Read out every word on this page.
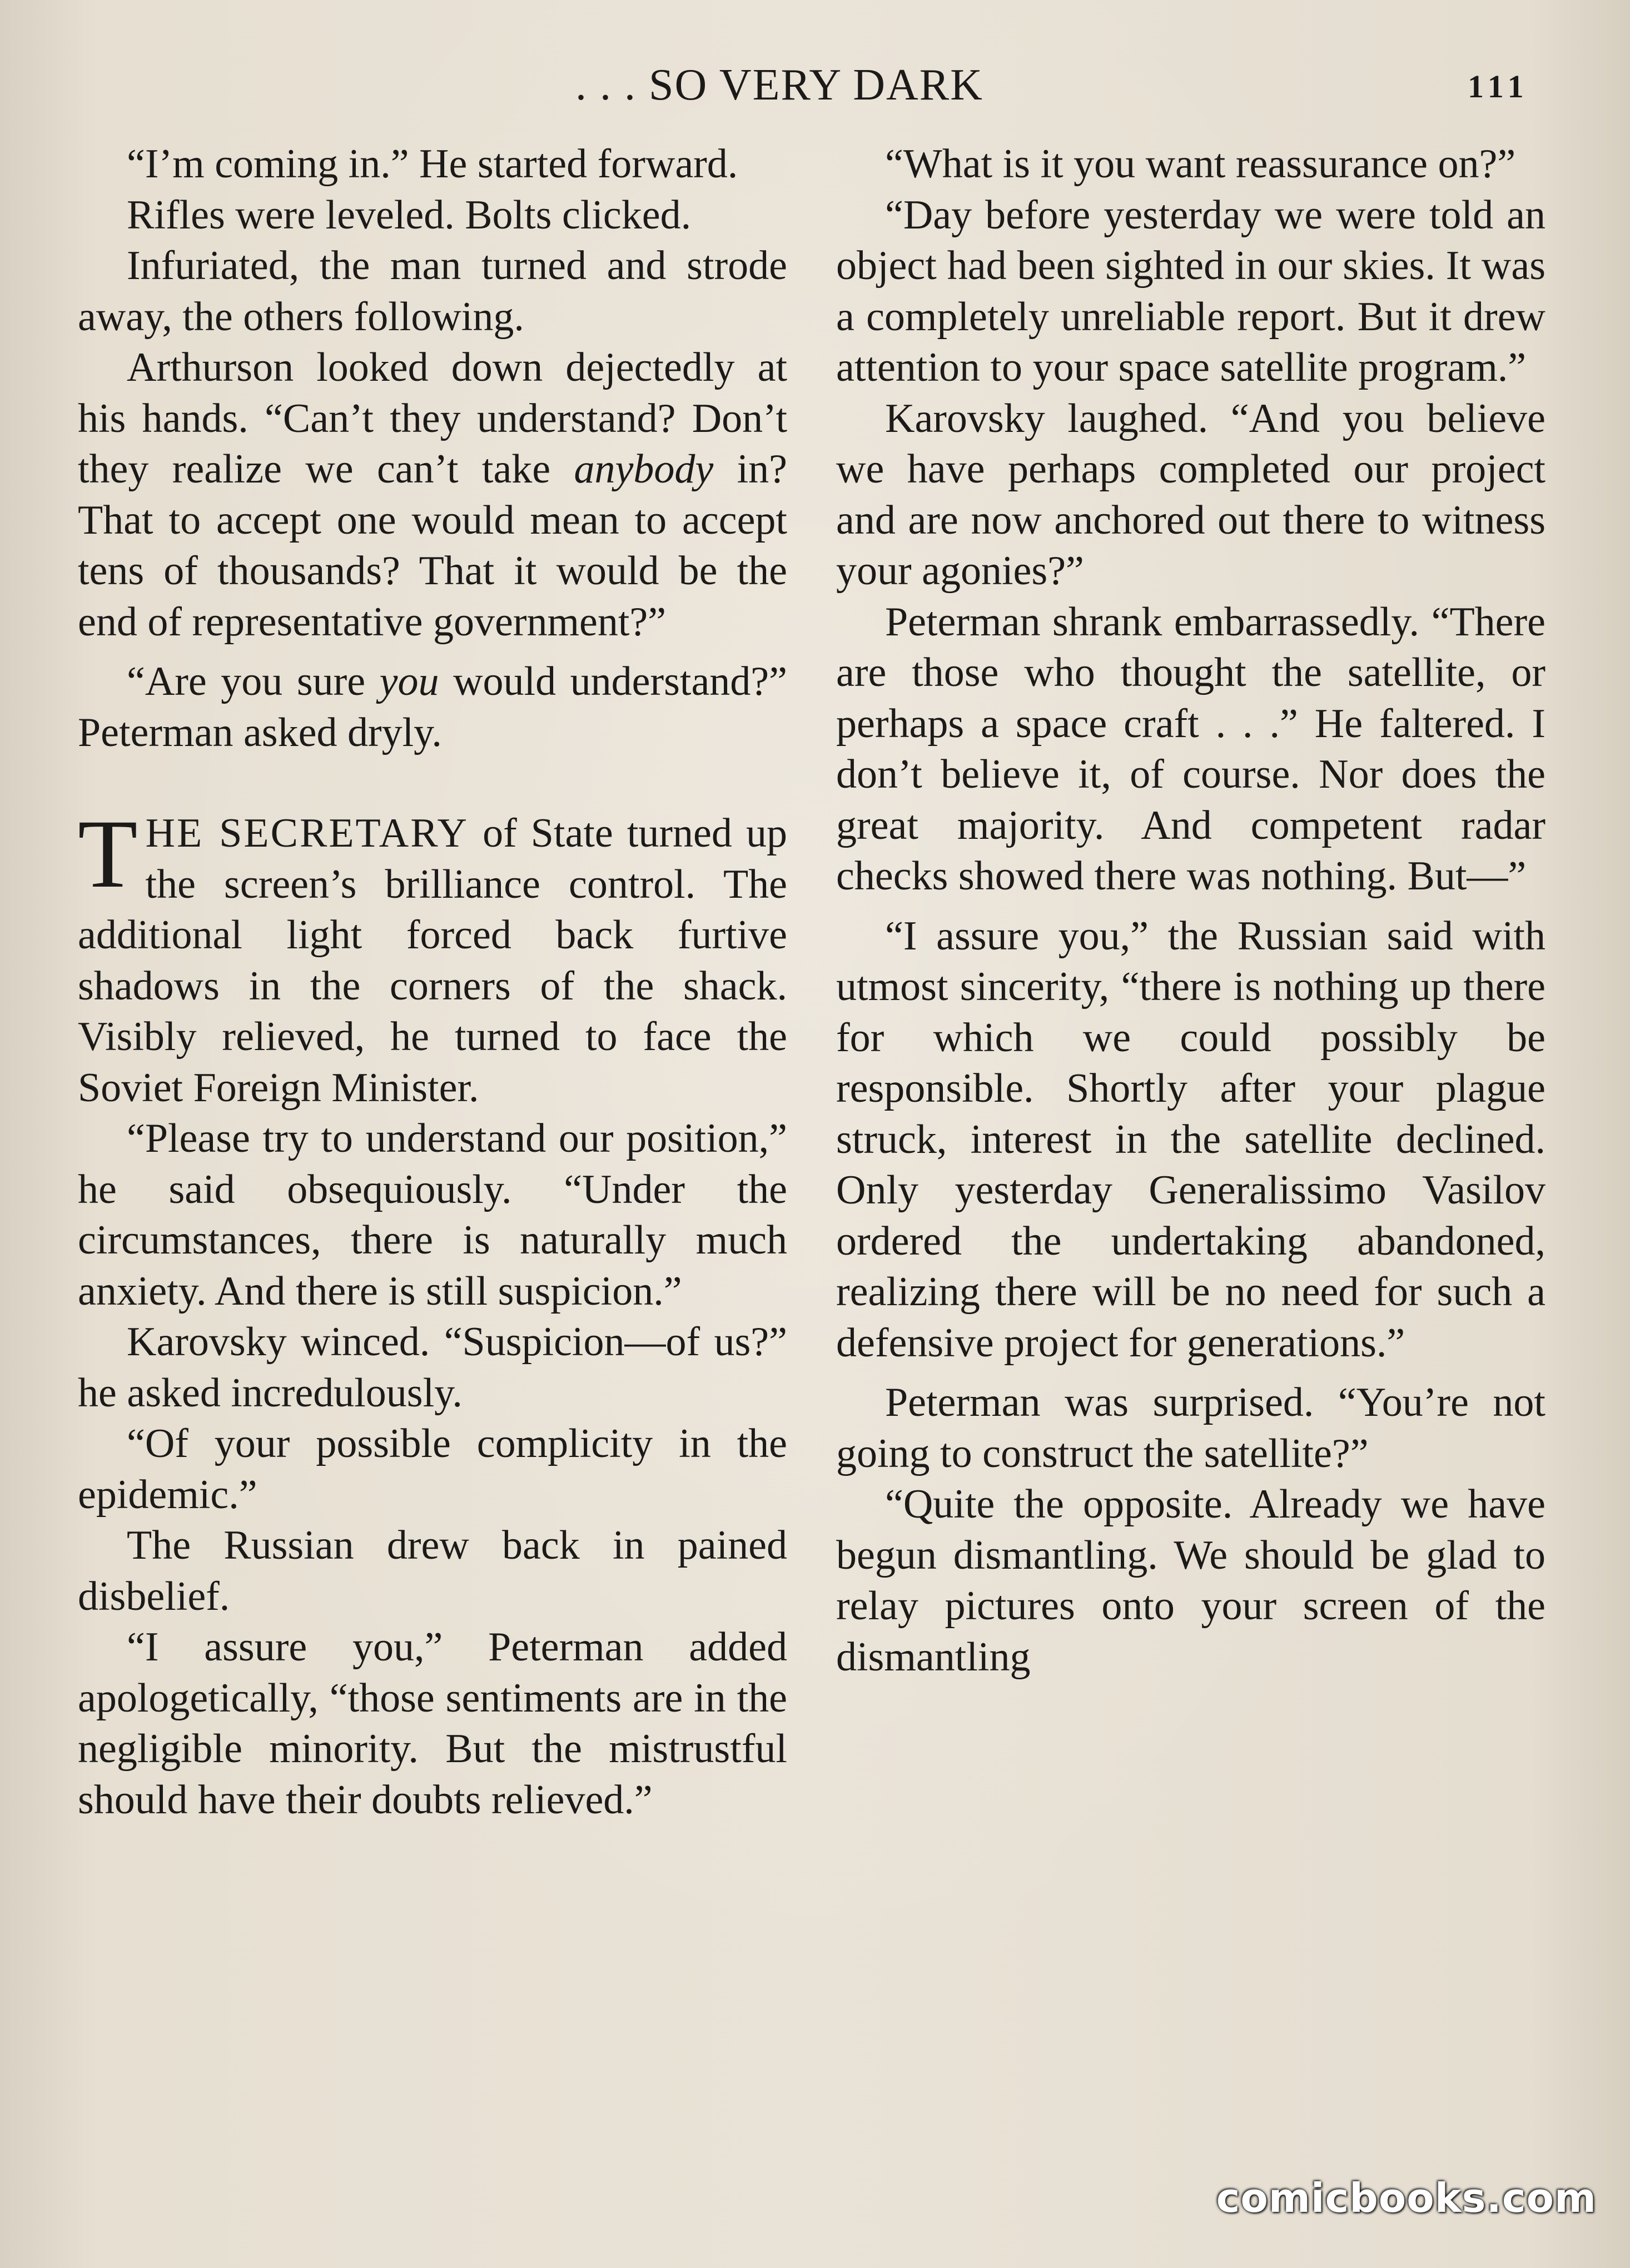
. . . SO VERY DARK	111

“I’m coming in.” He started forward.

Rifles were leveled. Bolts clicked.

Infuriated, the man turned and strode away, the others following.

Arthurson looked down dejectedly at his hands. “Can’t they understand? Don’t they realize we can’t take anybody in? That to accept one would mean to accept tens of thousands? That it would be the end of representative government?”

“Are you sure you would understand?” Peterman asked dryly.

THE SECRETARY of State turned up the screen’s brilliance control. The additional light forced back furtive shadows in the corners of the shack. Visibly relieved, he turned to face the Soviet Foreign Minister.

“Please try to understand our position,” he said obsequiously. “Under the circumstances, there is naturally much anxiety. And there is still suspicion.”

Karovsky winced. “Suspicion—of us?” he asked incredulously.

“Of your possible complicity in the epidemic.”

The Russian drew back in pained disbelief.

“I assure you,” Peterman added apologetically, “those sentiments are in the negligible minority. But the mistrustful should have their doubts relieved.”

“What is it you want reassurance on?”

“Day before yesterday we were told an object had been sighted in our skies. It was a completely unreliable report. But it drew attention to your space satellite program.”

Karovsky laughed. “And you believe we have perhaps completed our project and are now anchored out there to witness your agonies?”

Peterman shrank embarrassedly. “There are those who thought the satellite, or perhaps a space craft . . .” He faltered. I don’t believe it, of course. Nor does the great majority. And competent radar checks showed there was nothing. But—”

“I assure you,” the Russian said with utmost sincerity, “there is nothing up there for which we could possibly be responsible. Shortly after your plague struck, interest in the satellite declined. Only yesterday Generalissimo Vasilov ordered the undertaking abandoned, realizing there will be no need for such a defensive project for generations.”

Peterman was surprised. “You’re not going to construct the satellite?”

“Quite the opposite. Already we have begun dismantling. We should be glad to relay pictures onto your screen of the dismantling

comicbooks.com
